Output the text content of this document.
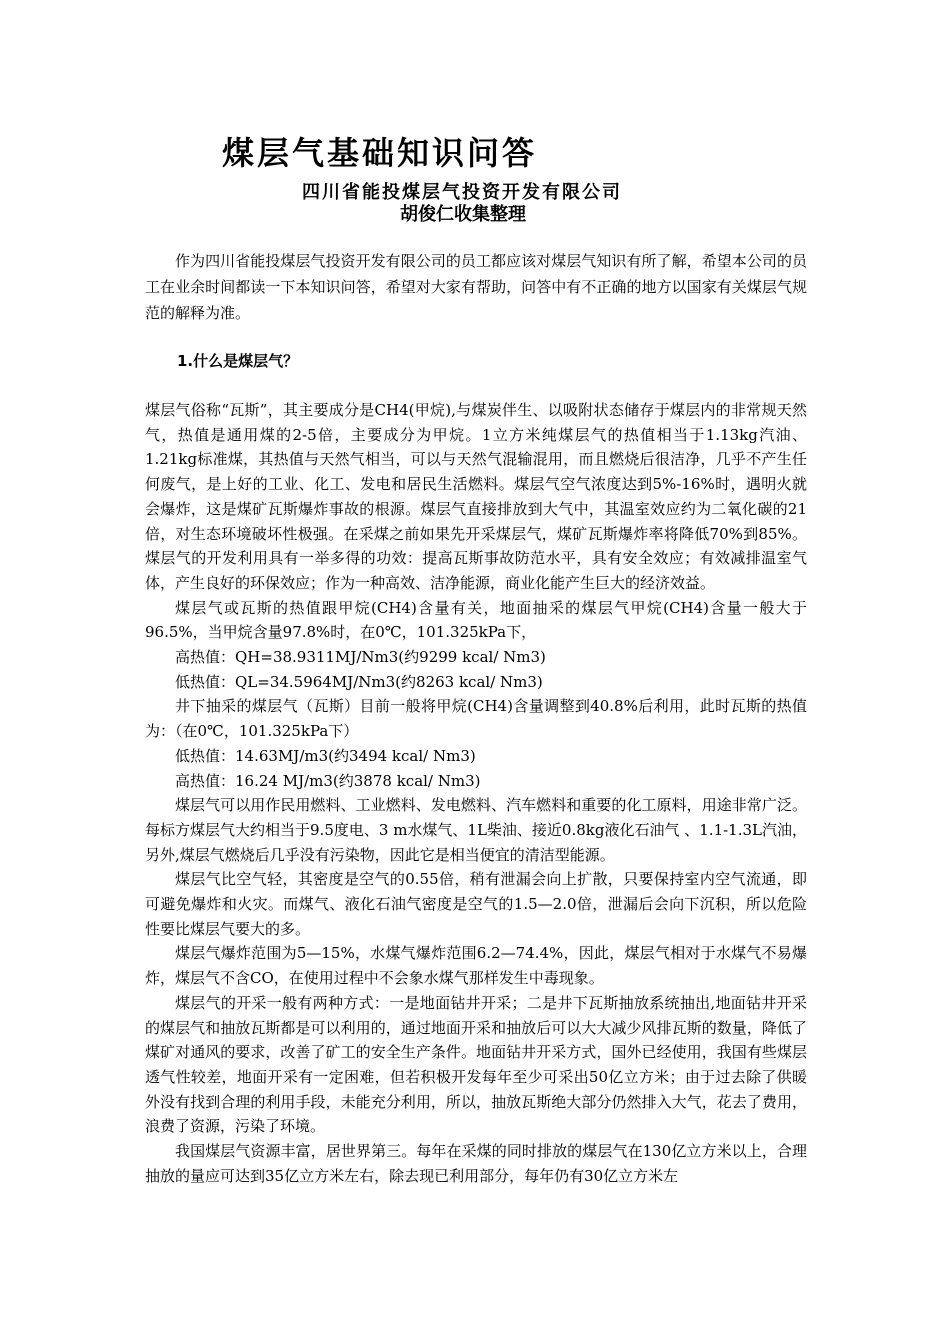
煤层气基础知识问答
四川省能投煤层气投资开发有限公司
胡俊仁收集整理
作为四川省能投煤层气投资开发有限公司的员工都应该对煤层气知识有所了解，希望本公司的员工在业余时间都读一下本知识问答，希望对大家有帮助，问答中有不正确的地方以国家有关煤层气规范的解释为准。
1.什么是煤层气？

煤层气俗称“瓦斯”，其主要成分是CH4(甲烷),与煤炭伴生、以吸附状态储存于煤层内的非常规天然气，热值是通用煤的2-5倍，主要成分为甲烷。1立方米纯煤层气的热值相当于1.13kg汽油、1.21kg标准煤，其热值与天然气相当，可以与天然气混输混用，而且燃烧后很洁净，几乎不产生任何废气，是上好的工业、化工、发电和居民生活燃料。煤层气空气浓度达到5%-16%时，遇明火就会爆炸，这是煤矿瓦斯爆炸事故的根源。煤层气直接排放到大气中，其温室效应约为二氧化碳的21倍，对生态环境破坏性极强。在采煤之前如果先开采煤层气，煤矿瓦斯爆炸率将降低70%到85%。煤层气的开发利用具有一举多得的功效：提高瓦斯事故防范水平，具有安全效应；有效减排温室气体，产生良好的环保效应；作为一种高效、洁净能源，商业化能产生巨大的经济效益。

煤层气或瓦斯的热值跟甲烷(CH4)含量有关，地面抽采的煤层气甲烷(CH4)含量一般大于96.5%，当甲烷含量97.8%时，在0℃，101.325kPa下，

高热值：QH=38.9311MJ/Nm3(约9299 kcal/ Nm3)

低热值：QL=34.5964MJ/Nm3(约8263 kcal/ Nm3)

井下抽采的煤层气（瓦斯）目前一般将甲烷(CH4)含量调整到40.8%后利用，此时瓦斯的热值为：（在0℃，101.325kPa下）

低热值：14.63MJ/m3(约3494 kcal/ Nm3)

高热值：16.24 MJ/m3(约3878 kcal/ Nm3)

煤层气可以用作民用燃料、工业燃料、发电燃料、汽车燃料和重要的化工原料，用途非常广泛。每标方煤层气大约相当于9.5度电、3 m水煤气、1L柴油、接近0.8kg液化石油气 、1.1-1.3L汽油，另外,煤层气燃烧后几乎没有污染物，因此它是相当便宜的清洁型能源。

煤层气比空气轻，其密度是空气的0.55倍，稍有泄漏会向上扩散，只要保持室内空气流通，即可避免爆炸和火灾。而煤气、液化石油气密度是空气的1.5—2.0倍，泄漏后会向下沉积，所以危险性要比煤层气要大的多。

煤层气爆炸范围为5—15%，水煤气爆炸范围6.2—74.4%，因此，煤层气相对于水煤气不易爆炸，煤层气不含CO，在使用过程中不会象水煤气那样发生中毒现象。

煤层气的开采一般有两种方式：一是地面钻井开采；二是井下瓦斯抽放系统抽出,地面钻井开采的煤层气和抽放瓦斯都是可以利用的，通过地面开采和抽放后可以大大减少风排瓦斯的数量，降低了煤矿对通风的要求，改善了矿工的安全生产条件。地面钻井开采方式，国外已经使用，我国有些煤层透气性较差，地面开采有一定困难，但若积极开发每年至少可采出50亿立方米；由于过去除了供暖外没有找到合理的利用手段，未能充分利用，所以，抽放瓦斯绝大部分仍然排入大气，花去了费用，浪费了资源，污染了环境。

我国煤层气资源丰富，居世界第三。每年在采煤的同时排放的煤层气在130亿立方米以上，合理抽放的量应可达到35亿立方米左右，除去现已利用部分，每年仍有30亿立方米左
